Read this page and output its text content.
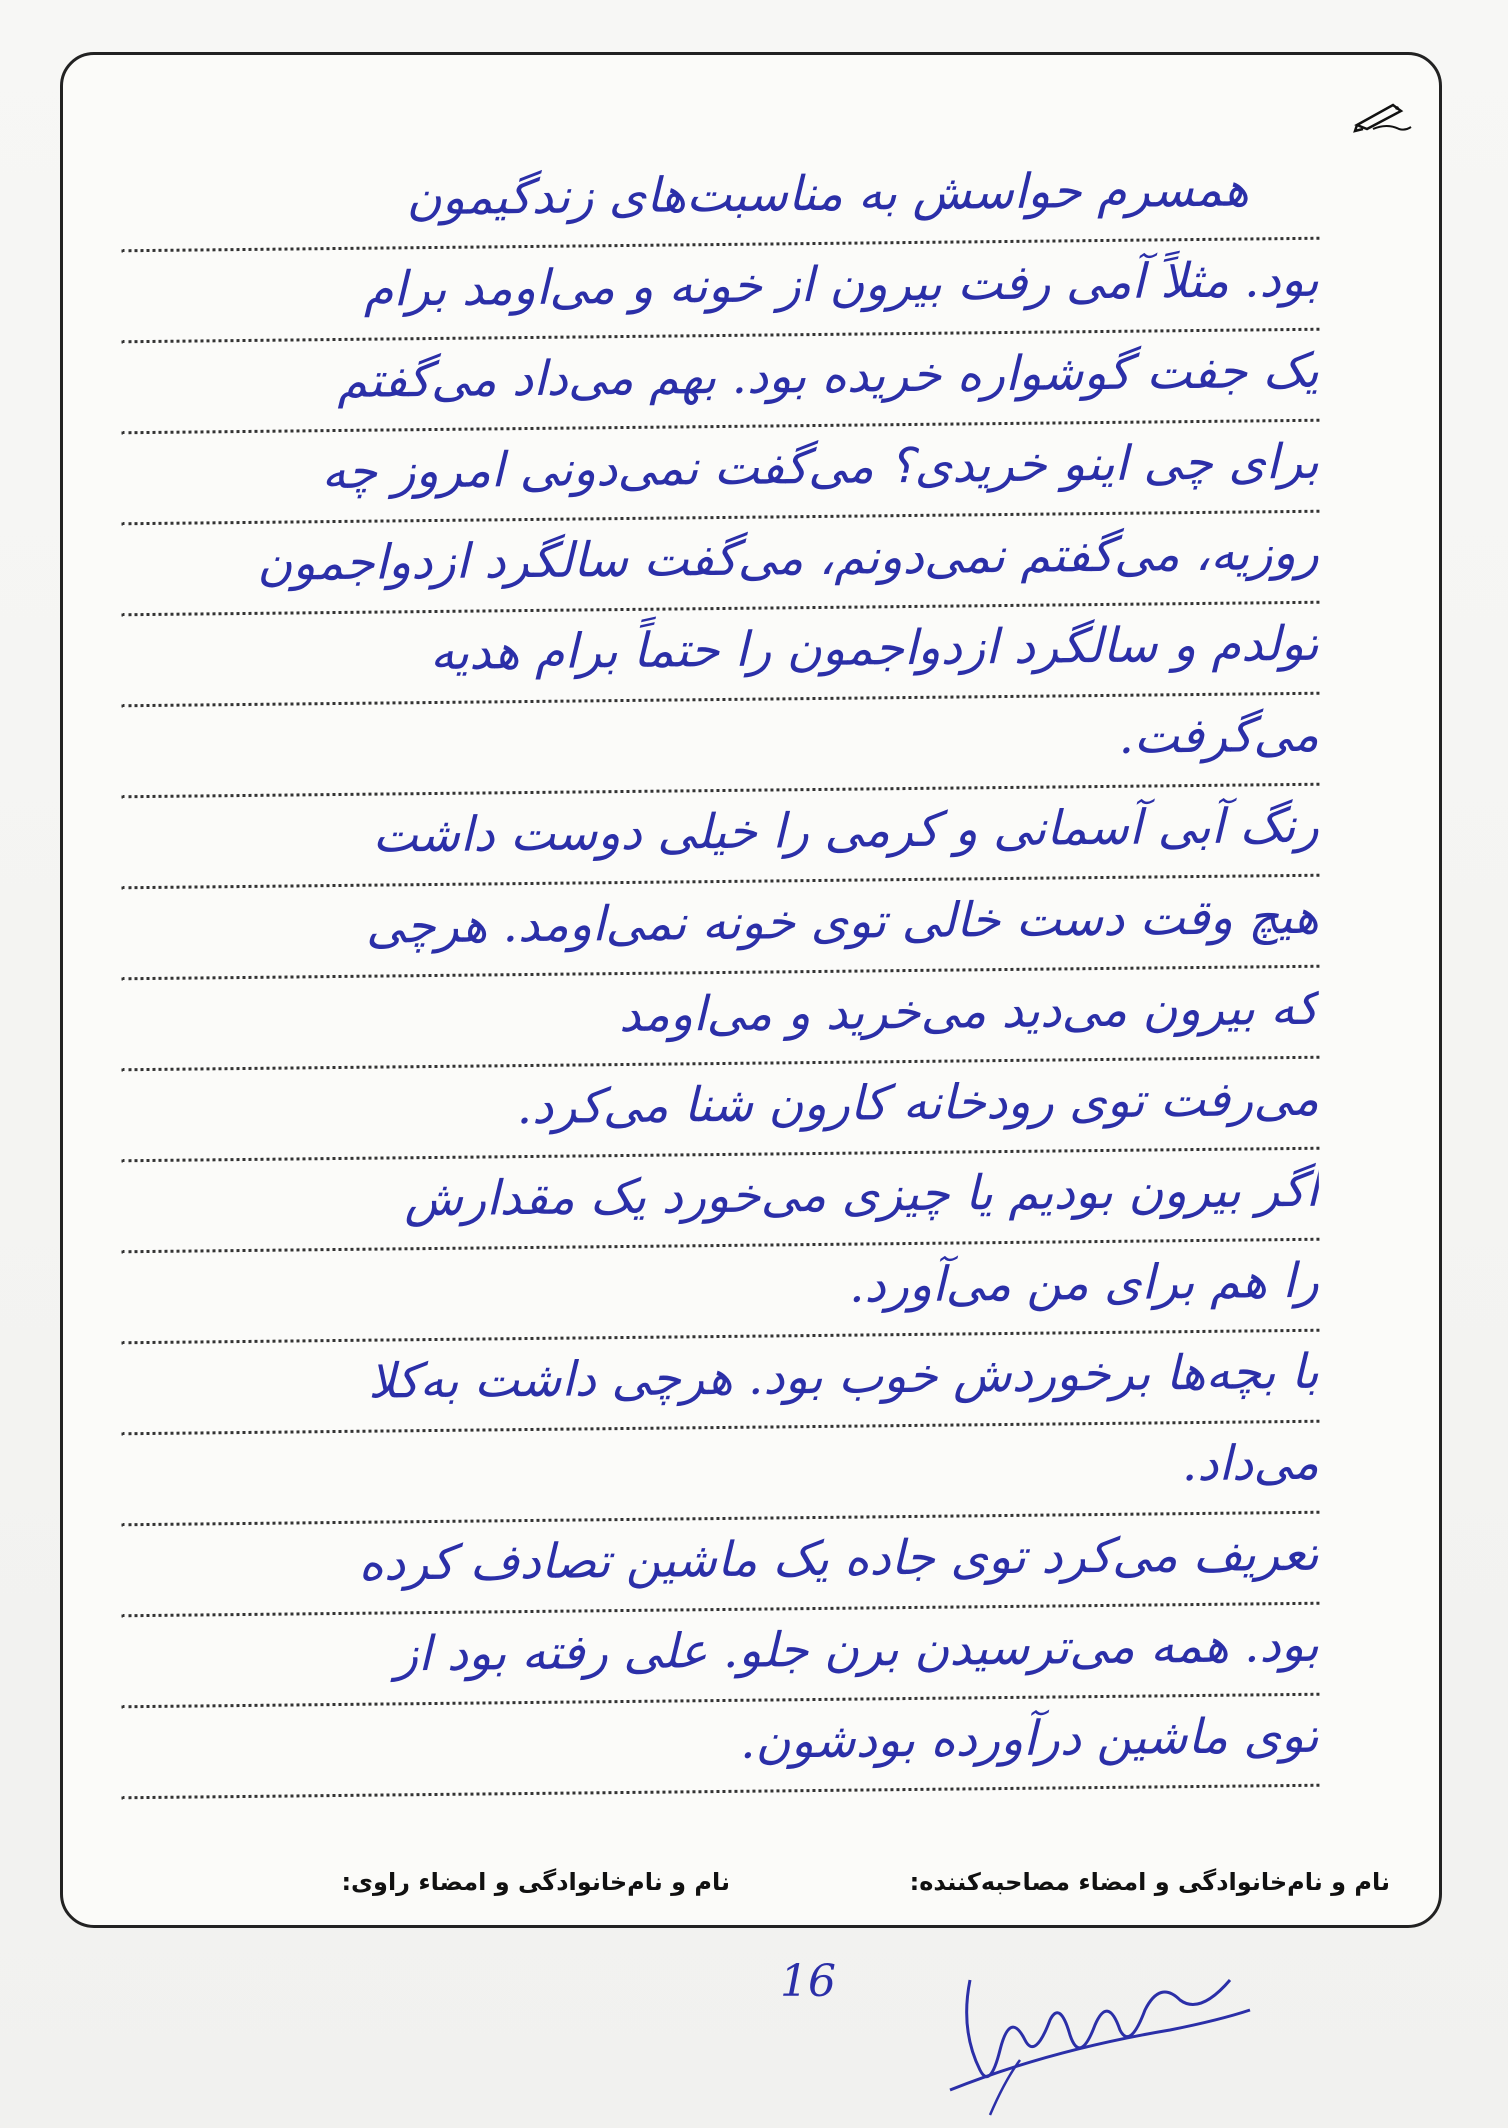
همسرم حواسش به مناسبت‌های زندگیمون
بود. مثلاً آمی رفت بیرون از خونه و می‌اومد برام
یک جفت گوشواره خریده بود. بهم می‌داد می‌گفتم
برای چی اینو خریدی؟ می‌گفت نمی‌دونی امروز چه
روزیه، می‌گفتم نمی‌دونم، می‌گفت سالگرد ازدواجمون
تولدم و سالگرد ازدواجمون را حتماً برام هدیه
می‌گرفت.
رنگ آبی آسمانی و کرمی را خیلی دوست داشت
هیچ وقت دست خالی توی خونه نمی‌اومد. هرچی
که بیرون می‌دید می‌خرید و می‌اومد
می‌رفت توی رودخانه کارون شنا می‌کرد.
اگر بیرون بودیم یا چیزی می‌خورد یک مقدارش
را هم برای من می‌آورد.
با بچه‌ها برخوردش خوب بود. هرچی داشت به‌کلا
می‌داد.
تعریف می‌کرد توی جاده یک ماشین تصادف کرده
بود. همه می‌ترسیدن برن جلو. علی رفته بود از
توی ماشین درآورده بودشون.
نام و نام‌خانوادگی و امضاء مصاحبه‌کننده:
نام و نام‌خانوادگی و امضاء راوی:
16
